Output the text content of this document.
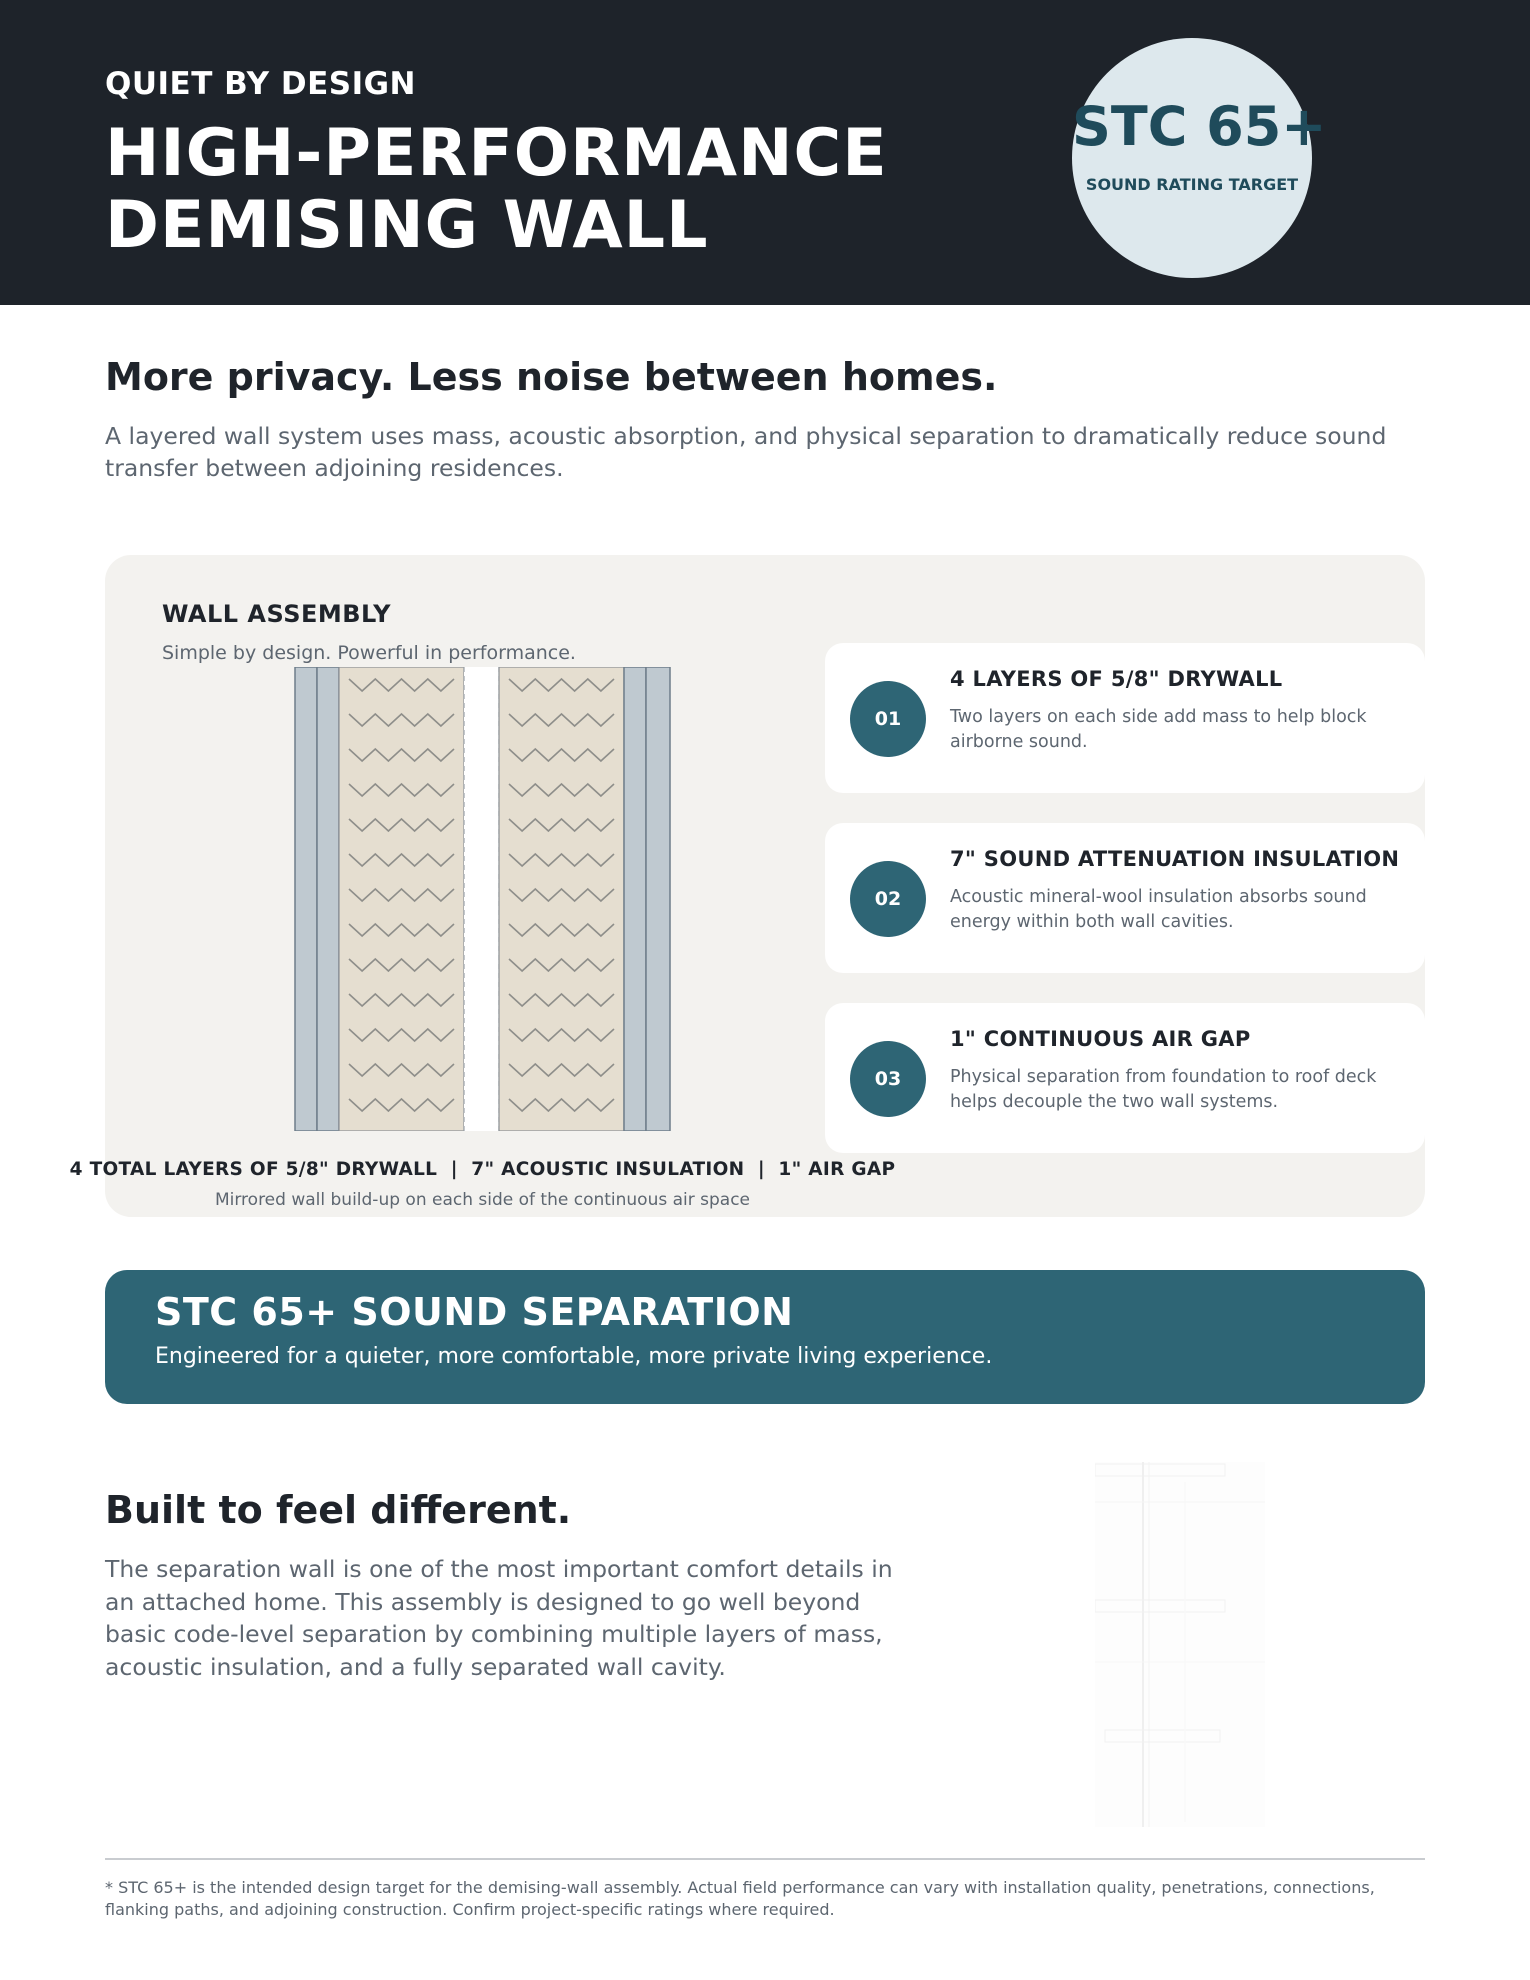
QUIET BY DESIGN
HIGH-PERFORMANCE DEMISING WALL
STC 65+
SOUND RATING TARGET
More privacy. Less noise between homes.
A layered wall system uses mass, acoustic absorption, and physical separation to dramatically reduce sound transfer between adjoining residences.
WALL ASSEMBLY
Simple by design. Powerful in performance.
4 TOTAL LAYERS OF 5/8" DRYWALL  |  7" ACOUSTIC INSULATION  |  1" AIR GAP
Mirrored wall build-up on each side of the continuous air space
01
4 LAYERS OF 5/8" DRYWALL
Two layers on each side add mass to help block airborne sound.
02
7" SOUND ATTENUATION INSULATION
Acoustic mineral-wool insulation absorbs sound energy within both wall cavities.
03
1" CONTINUOUS AIR GAP
Physical separation from foundation to roof deck helps decouple the two wall systems.
STC 65+ SOUND SEPARATION
Engineered for a quieter, more comfortable, more private living experience.
Built to feel different.
The separation wall is one of the most important comfort details in an attached home. This assembly is designed to go well beyond basic code-level separation by combining multiple layers of mass, acoustic insulation, and a fully separated wall cavity.
* STC 65+ is the intended design target for the demising-wall assembly. Actual field performance can vary with installation quality, penetrations, connections, flanking paths, and adjoining construction. Confirm project-specific ratings where required.
